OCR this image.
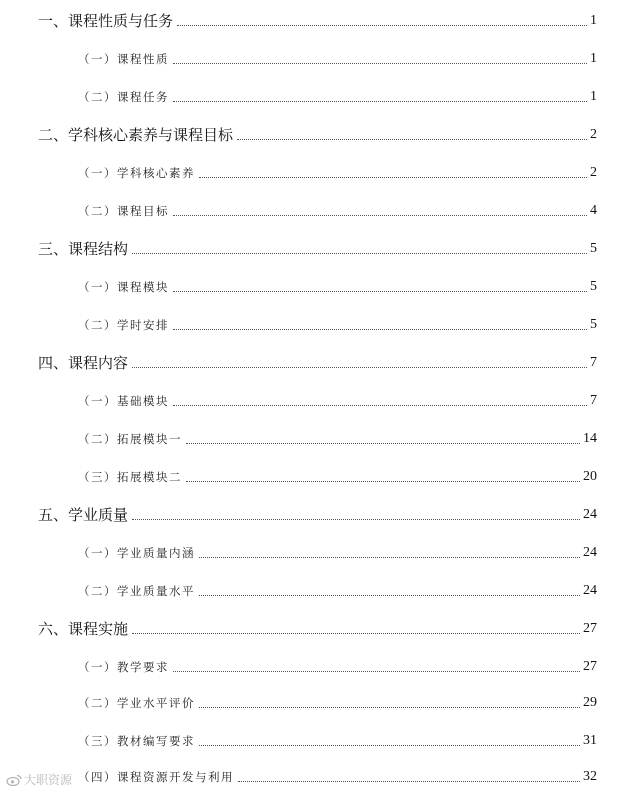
一、课程性质与任务	1
（一）课程性质	1
（二）课程任务	1
二、学科核心素养与课程目标	2
（一）学科核心素养	2
（二）课程目标	4
三、课程结构	5
（一）课程模块	5
（二）学时安排	5
四、课程内容	7
（一）基础模块	7
（二）拓展模块一	14
（三）拓展模块二	20
五、学业质量	24
（一）学业质量内涵	24
（二）学业质量水平	24
六、课程实施	27
（一）教学要求	27
（二）学业水平评价	29
（三）教材编写要求	31
（四）课程资源开发与利用	32
大职资源
